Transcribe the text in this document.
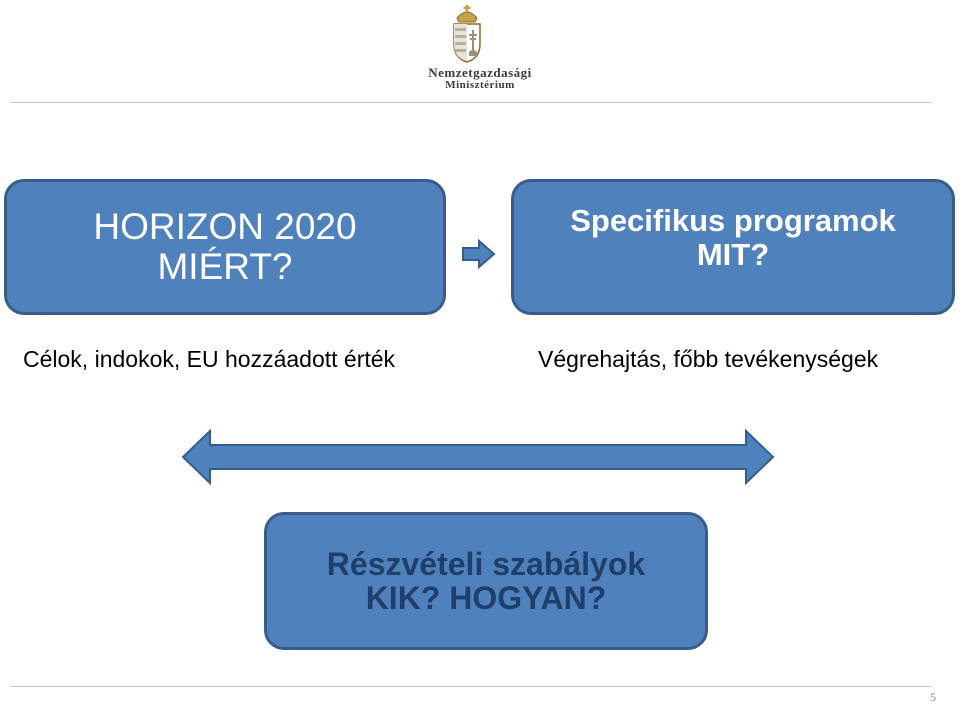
Nemzetgazdasági
Minisztérium
HORIZON 2020
MIÉRT?
Specifikus programok
MIT?
Célok, indokok, EU hozzáadott érték	Végrehajtás, főbb tevékenységek
Részvételi szabályok
KIK? HOGYAN?
5
